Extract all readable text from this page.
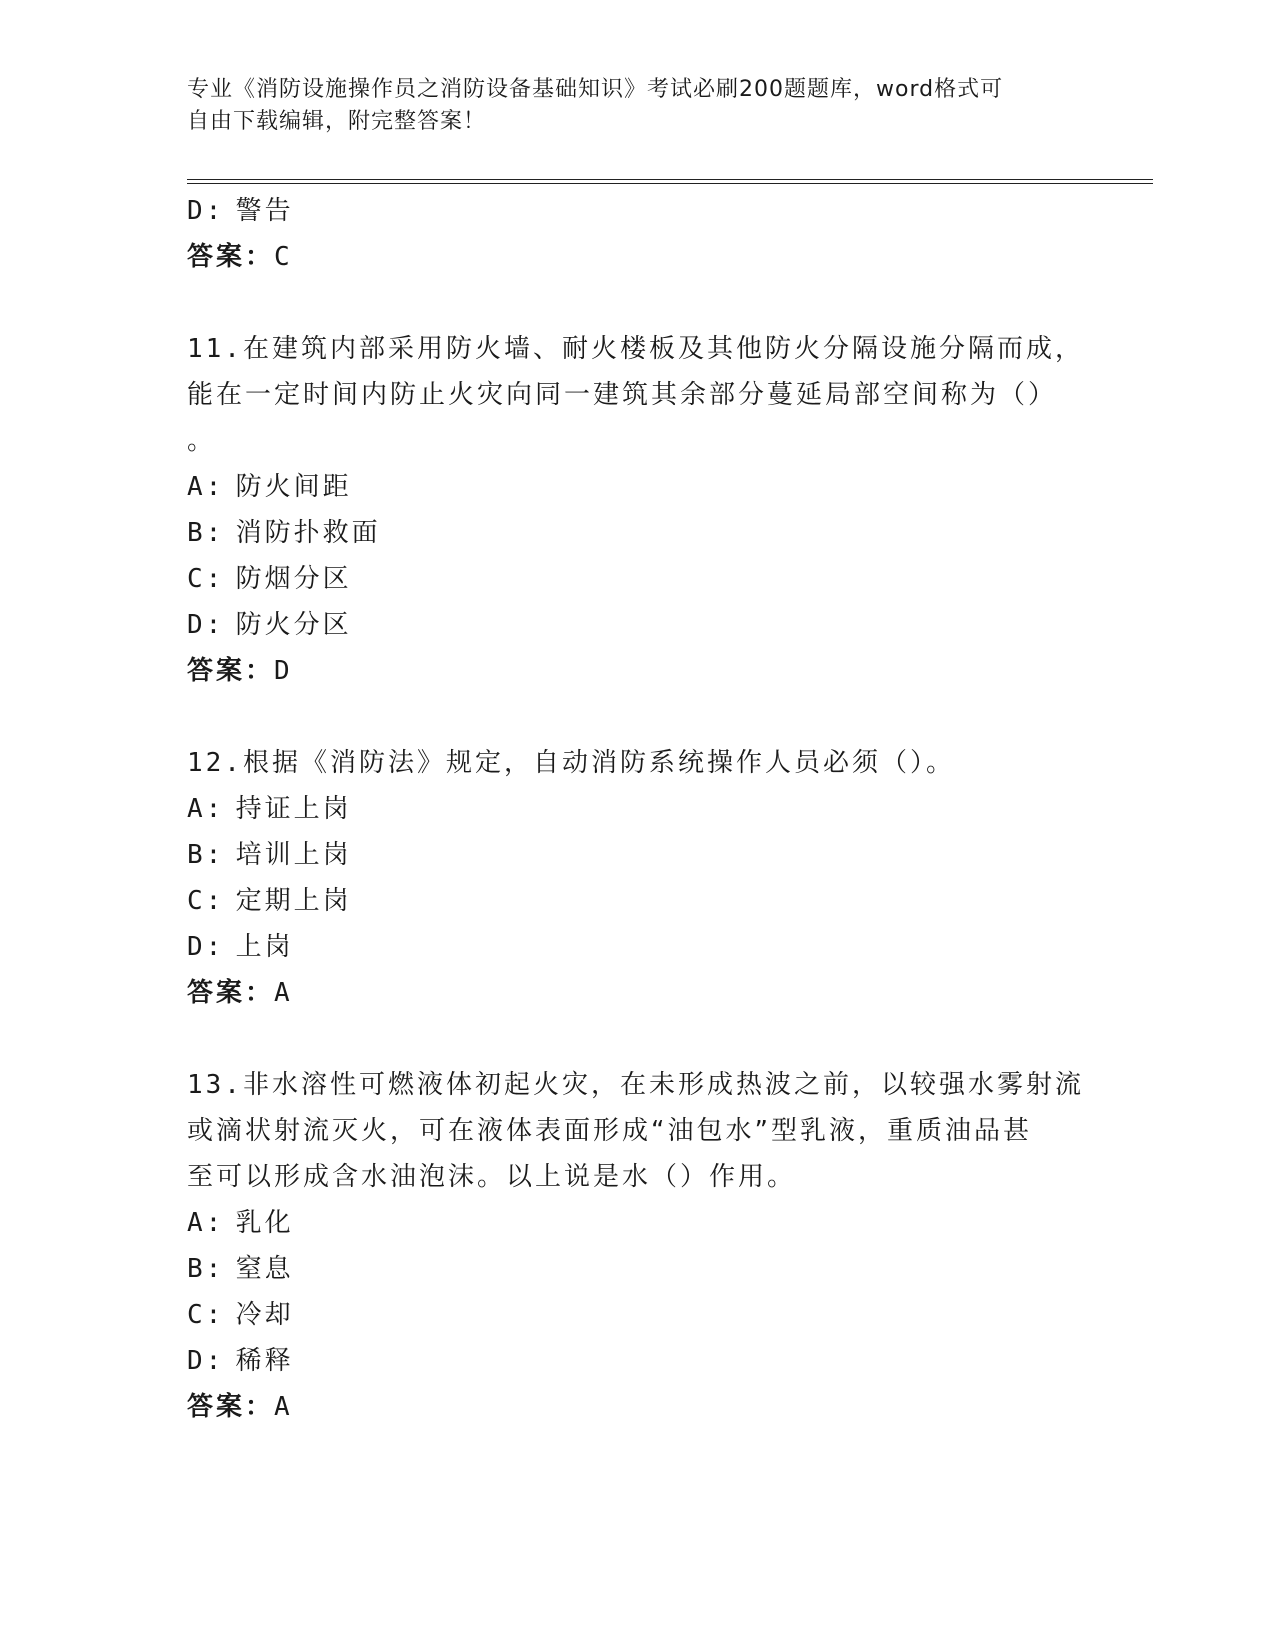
专业《消防设施操作员之消防设备基础知识》考试必刷200题题库，word格式可
自由下载编辑，附完整答案！
D: 警告
答案：C
11.在建筑内部采用防火墙、耐火楼板及其他防火分隔设施分隔而成，
能在一定时间内防止火灾向同一建筑其余部分蔓延局部空间称为（）
。
A: 防火间距
B: 消防扑救面
C: 防烟分区
D: 防火分区
答案：D
12.根据《消防法》规定，自动消防系统操作人员必须（）。
A: 持证上岗
B: 培训上岗
C: 定期上岗
D: 上岗
答案：A
13.非水溶性可燃液体初起火灾，在未形成热波之前，以较强水雾射流
或滴状射流灭火，可在液体表面形成“油包水”型乳液，重质油品甚
至可以形成含水油泡沫。以上说是水（）作用。
A: 乳化
B: 窒息
C: 冷却
D: 稀释
答案：A
